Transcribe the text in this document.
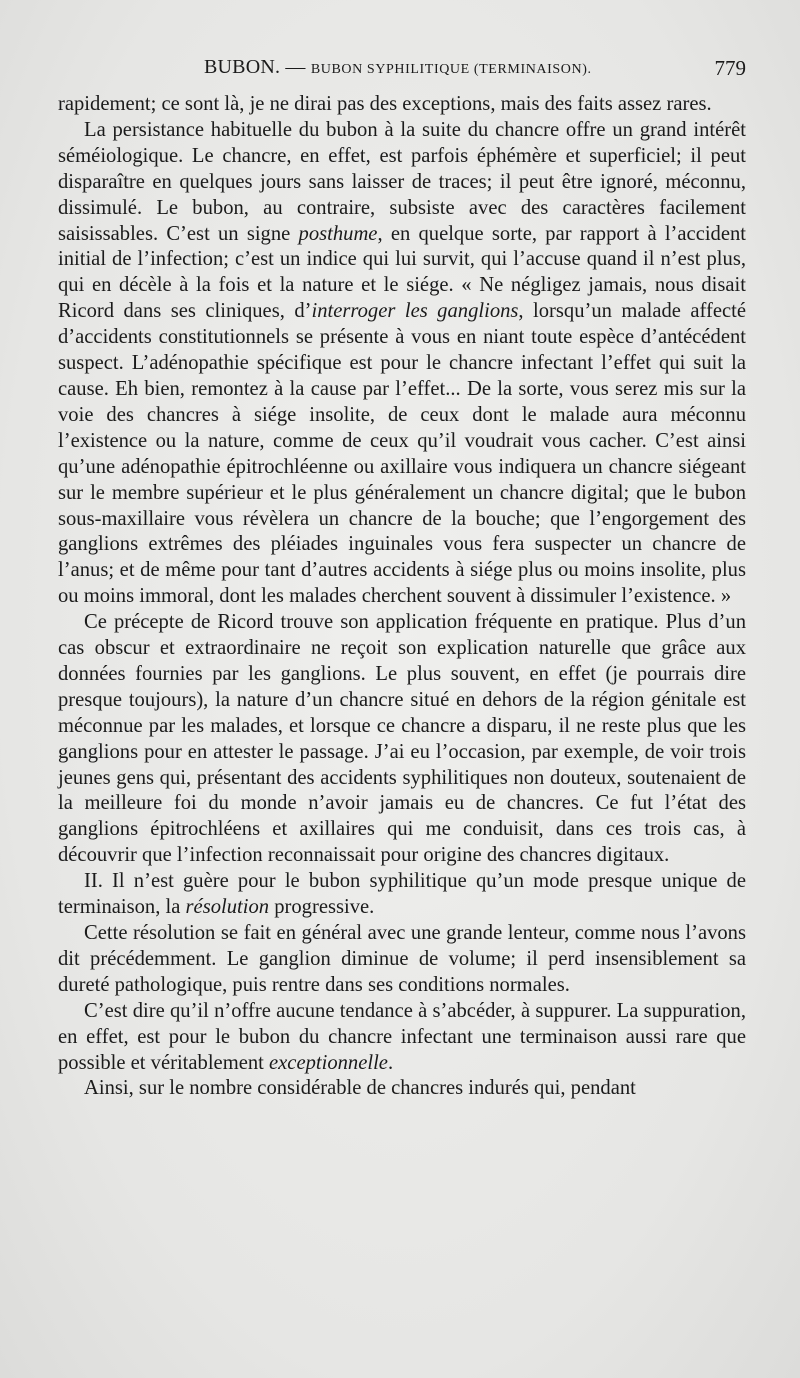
BUBON. — BUBON SYPHILITIQUE (TERMINAISON).	779

rapidement; ce sont là, je ne dirai pas des exceptions, mais des faits assez rares.

La persistance habituelle du bubon à la suite du chancre offre un grand intérêt séméiologique. Le chancre, en effet, est parfois éphémère et superficiel; il peut disparaître en quelques jours sans laisser de traces; il peut être ignoré, méconnu, dissimulé. Le bubon, au contraire, subsiste avec des caractères facilement saisissables. C’est un signe posthume, en quelque sorte, par rapport à l’accident initial de l’infection; c’est un indice qui lui survit, qui l’accuse quand il n’est plus, qui en décèle à la fois et la nature et le siége. « Ne négligez jamais, nous disait Ricord dans ses cliniques, d’interroger les ganglions, lorsqu’un malade affecté d’accidents constitutionnels se présente à vous en niant toute espèce d’antécédent suspect. L’adénopathie spécifique est pour le chancre infectant l’effet qui suit la cause. Eh bien, remontez à la cause par l’effet... De la sorte, vous serez mis sur la voie des chancres à siége insolite, de ceux dont le malade aura méconnu l’existence ou la nature, comme de ceux qu’il voudrait vous cacher. C’est ainsi qu’une adénopathie épitrochléenne ou axillaire vous indiquera un chancre siégeant sur le membre supérieur et le plus généralement un chancre digital; que le bubon sous-maxillaire vous révèlera un chancre de la bouche; que l’engorgement des ganglions extrêmes des pléiades inguinales vous fera suspecter un chancre de l’anus; et de même pour tant d’autres accidents à siége plus ou moins insolite, plus ou moins immoral, dont les malades cherchent souvent à dissimuler l’existence. »

Ce précepte de Ricord trouve son application fréquente en pratique. Plus d’un cas obscur et extraordinaire ne reçoit son explication naturelle que grâce aux données fournies par les ganglions. Le plus souvent, en effet (je pourrais dire presque toujours), la nature d’un chancre situé en dehors de la région génitale est méconnue par les malades, et lorsque ce chancre a disparu, il ne reste plus que les ganglions pour en attester le passage. J’ai eu l’occasion, par exemple, de voir trois jeunes gens qui, présentant des accidents syphilitiques non douteux, soutenaient de la meilleure foi du monde n’avoir jamais eu de chancres. Ce fut l’état des ganglions épitrochléens et axillaires qui me conduisit, dans ces trois cas, à découvrir que l’infection reconnaissait pour origine des chancres digitaux.

II. Il n’est guère pour le bubon syphilitique qu’un mode presque unique de terminaison, la résolution progressive.

Cette résolution se fait en général avec une grande lenteur, comme nous l’avons dit précédemment. Le ganglion diminue de volume; il perd insensiblement sa dureté pathologique, puis rentre dans ses conditions normales.

C’est dire qu’il n’offre aucune tendance à s’abcéder, à suppurer. La suppuration, en effet, est pour le bubon du chancre infectant une terminaison aussi rare que possible et véritablement exceptionnelle.

Ainsi, sur le nombre considérable de chancres indurés qui, pendant
